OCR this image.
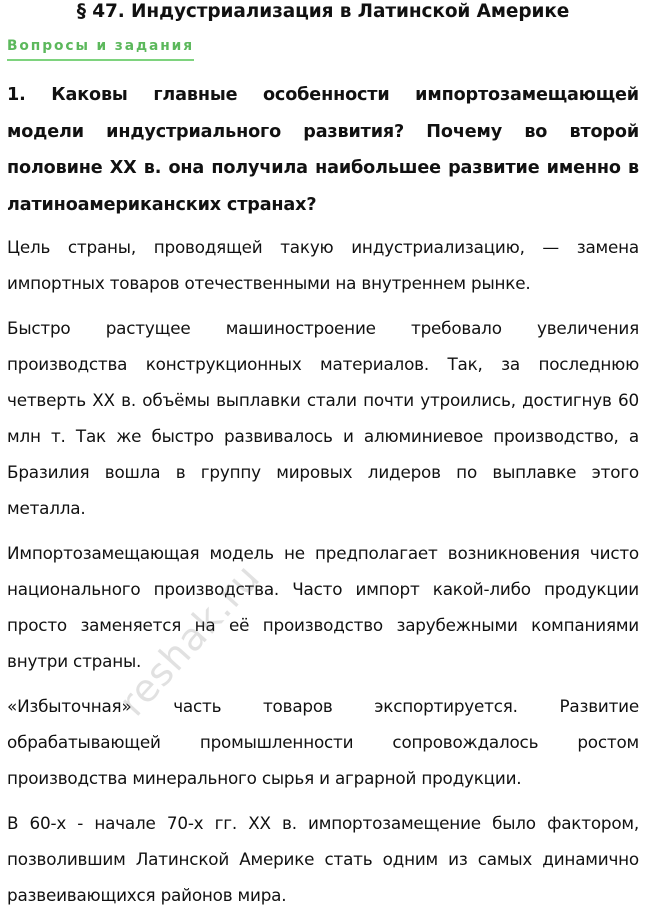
§ 47. Индустриализация в Латинской Америке
Вопросы и задания

1. Каковы главные особенности импортозамещающей модели индустриального развития? Почему во второй половине XX в. она получила наибольшее развитие именно в латиноамериканских странах?

Цель страны, проводящей такую индустриализацию, — замена импортных товаров отечественными на внутреннем рынке.

Быстро растущее машиностроение требовало увеличения производства конструкционных материалов. Так, за последнюю четверть XX в. объёмы выплавки стали почти утроились, достигнув 60 млн т. Так же быстро развивалось и алюминиевое производство, а Бразилия вошла в группу мировых лидеров по выплавке этого металла.

Импортозамещающая модель не предполагает возникновения чисто национального производства. Часто импорт какой-либо продукции просто заменяется на её производство зарубежными компаниями внутри страны.

«Избыточная» часть товаров экспортируется. Развитие обрабатывающей промышленности сопровождалось ростом производства минерального сырья и аграрной продукции.

В 60-х - начале 70-х гг. XX в. импортозамещение было фактором, позволившим Латинской Америке стать одним из самых динамично развеивающихся районов мира.

reshak.ru
